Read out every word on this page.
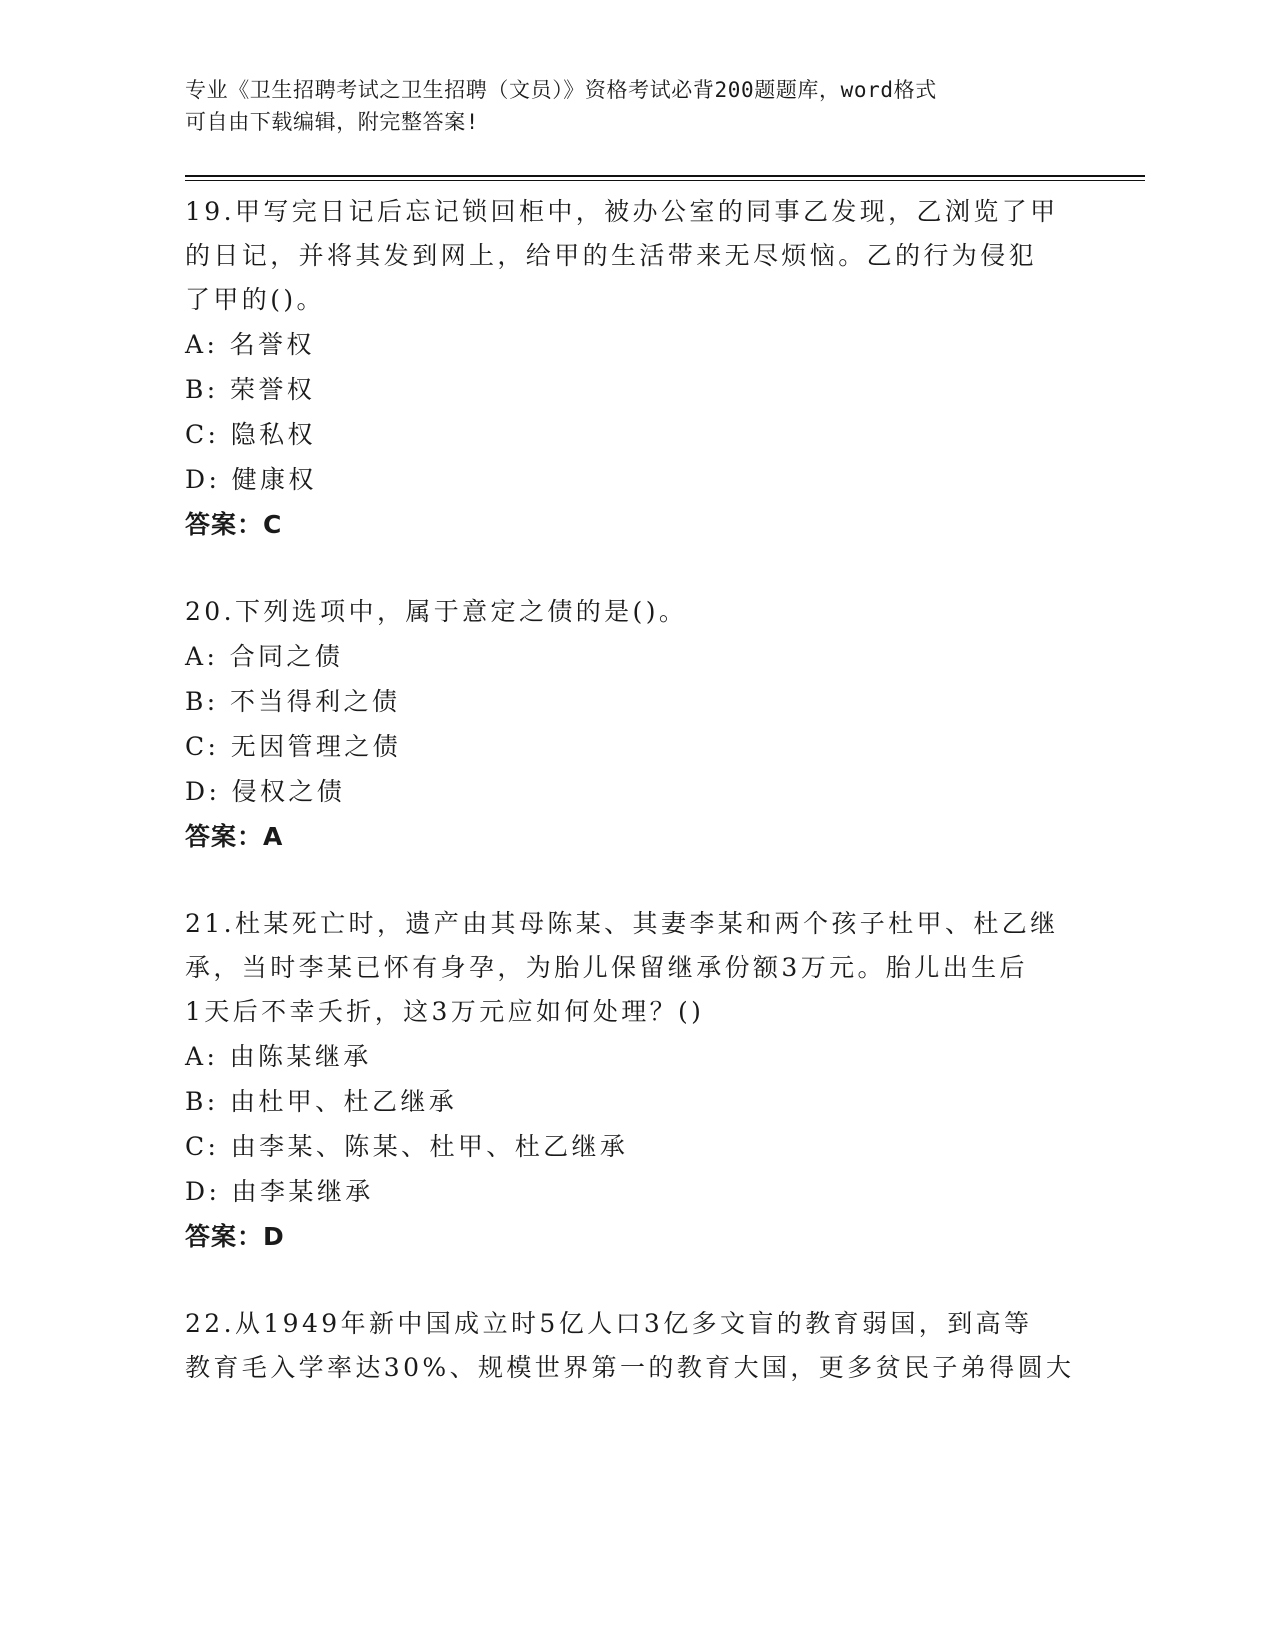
专业《卫生招聘考试之卫生招聘（文员）》资格考试必背200题题库，word格式
可自由下载编辑，附完整答案!
19.甲写完日记后忘记锁回柜中，被办公室的同事乙发现，乙浏览了甲
的日记，并将其发到网上，给甲的生活带来无尽烦恼。乙的行为侵犯
了甲的()。
A: 名誉权
B: 荣誉权
C: 隐私权
D: 健康权
答案：C
20.下列选项中，属于意定之债的是()。
A: 合同之债
B: 不当得利之债
C: 无因管理之债
D: 侵权之债
答案：A
21.杜某死亡时，遗产由其母陈某、其妻李某和两个孩子杜甲、杜乙继
承，当时李某已怀有身孕，为胎儿保留继承份额3万元。胎儿出生后
1天后不幸夭折，这3万元应如何处理？()
A: 由陈某继承
B: 由杜甲、杜乙继承
C: 由李某、陈某、杜甲、杜乙继承
D: 由李某继承
答案：D
22.从1949年新中国成立时5亿人口3亿多文盲的教育弱国，到高等
教育毛入学率达30%、规模世界第一的教育大国，更多贫民子弟得圆大
